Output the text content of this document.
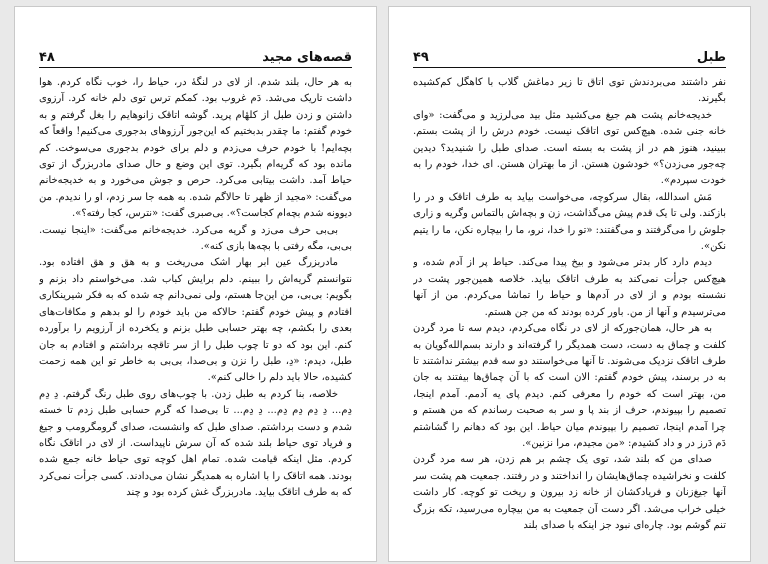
۴۸	قصه‌های مجید

به هر حال، بلند شدم. از لای در لنگهٔ در، حیاط را، خوب نگاه کردم. هوا داشت تاریک می‌شد. دَم غروب بود. کمکم ترس توی دلم خانه کرد. آرزوی داشتن و زدن طبل از کلهٔام پرید. گوشه اتاقک زانوهایم را بغل گرفتم و به خودم گفتم: ما چقدر بدبختیم که این‌جور آرزوهای بدجوری می‌کنیم! واقعاً که بچه‌ایم! با خودم حرف می‌زدم و دلم برای خودم بدجوری می‌سوخت. کم مانده بود که گریه‌ام بگیرد. توی این وضع و حال صدای مادربزرگ از توی حیاط آمد. داشت بیتابی می‌کرد. حرص و جوش می‌خورد و به خدیجه‌خانم می‌گفت: «مجید از ظهر تا حالاگم شده. به همه جا سر زدم، او را ندیدم. من دیوونه شدم بچه‌ام کجاست؟». بی‌صبری گفت: «نترس، کجا رفته؟».

بی‌بی حرف می‌زد و گریه می‌کرد. خدیجه‌خانم می‌گفت: «اینجا نیست. بی‌بی، مگه رفتی با بچه‌ها بازی کنه».

مادربزرگ عین ابر بهار اشک می‌ریخت و به هق و هق افتاده بود. نتوانستم گریه‌اش را ببینم. دلم برایش کباب شد. می‌خواستم داد بزنم و بگویم: بی‌بی، من این‌جا هستم، ولی نمی‌دانم چه شده که به فکر شیرینکاری افتادم و پیش خودم گفتم: حالاکه من باید خودم را لو بدهم و مکافات‌های بعدی را بکشم، چه بهتر حسابی طبل بزنم و یکخرده از آرزویم را برآورده کنم. این بود که دو تا چوب طبل را از سر تاقچه برداشتم و افتادم به جان طبل، دیدم: «دِ، طبل را نزن و بی‌صدا، بی‌بی به خاطر تو این همه زحمت کشیده، حالا باید دلم را خالی کنم».

خلاصه، بنا کردم به طبل زدن. با چوب‌های روی طبل رنگ گرفتم. دِ دِم دِم... دِ دِم دِم دِم... دِ دِم... تا بی‌صدا که گرم حسابی طبل زدم تا خسته شدم و دست برداشتم. صدای طبل که وانشست، صدای گرومگرومب و جیغ و فریاد توی حیاط بلند شده که آن سرش ناپیداست. از لای در اتاقک نگاه کردم. مثل اینکه قیامت شده. تمام اهل کوچه توی حیاط خانه جمع شده بودند. همه اتاقک را با اشاره به همدیگر نشان می‌دادند. کسی جرأت نمی‌کرد که به طرف اتاقک بیاید. مادربزرگ غش کرده بود و چند

۴۹	طبل

نفر داشتند می‌بردندش توی اتاق تا زیر دماغش گلاب با کاهگل کم‌کشیده بگیرند.

خدیجه‌خانم پشت هم جیغ می‌کشید مثل بید می‌لرزید و می‌گفت: «وای خانه جنی شده. هیچ‌کس توی اتاقک نیست. خودم درش را از پشت بستم. ببینید، هنوز هم در از پشت به بسته است. صدای طبل را شنیدید؟ دیدین چه‌جور می‌زدن؟» خودشون هستن. از ما بهتران هستن. ای خدا، خودم را به خودت سپردم».

مَش اسدالله، بقال سرکوچه، می‌خواست بیاید به طرف اتاقک و در را بازکند. ولی تا یک قدم پیش می‌گذاشت، زن و بچه‌اش بالتماس وگریه و زاری جلوش را می‌گرفتند و می‌گفتند: «تو را خدا، نرو، ما را بیچاره نکن، ما را یتیم نکن».

دیدم دارد کار بدتر می‌شود و بیخ پیدا می‌کند. حیاط پر از آدم شده، و هیچ‌کس جرأت نمی‌کند به طرف اتاقک بیاید. خلاصه همین‌جور پشت در نشسته بودم و از لای در آدم‌ها و حیاط را تماشا می‌کردم. من از آنها می‌ترسیدم و آنها از من. باور کرده بودند که من جن هستم.

به هر حال، همان‌جورکه از لای در نگاه می‌کردم، دیدم سه تا مرد گردن کلفت و چماق به دست، دست همدیگر را گرفته‌اند و دارند بسم‌الله‌گویان به طرف اتاقک نزدیک می‌شوند. تا آنها می‌خواستند دو سه قدم بیشتر نداشتند تا به در برسند، پیش خودم گفتم: الان است که با آن چماق‌ها بیفتند به جان من، بهتر است که خودم را معرفی کنم. دیدم پای یه آدمم. آمدم اینجا، تصمیم را بپیوندم، حرف از بند پا و سر به صحبت رساندم که من هستم و چرا آمدم اینجا، تصمیم را بپیوندم میان حیاط. این بود که دهانم را گشاشتم دَم دَرز در و داد کشیدم: «من مجیدم، مرا نزنین».

صدای من که بلند شد، توی یک چشم بر هم زدن، هر سه مرد گردن کلفت و نخراشیده چماق‌هایشان را انداختند و در رفتند. جمعیت هم پشت سر آنها جیغ‌زنان و فریادکشان از خانه زد بیرون و ریخت تو کوچه. کار داشت خیلی خراب می‌شد. اگر دست آن جمعیت به من بیچاره می‌رسید، تکه بزرگ تنم گوشم بود. چاره‌ای نبود جز اینکه با صدای بلند
